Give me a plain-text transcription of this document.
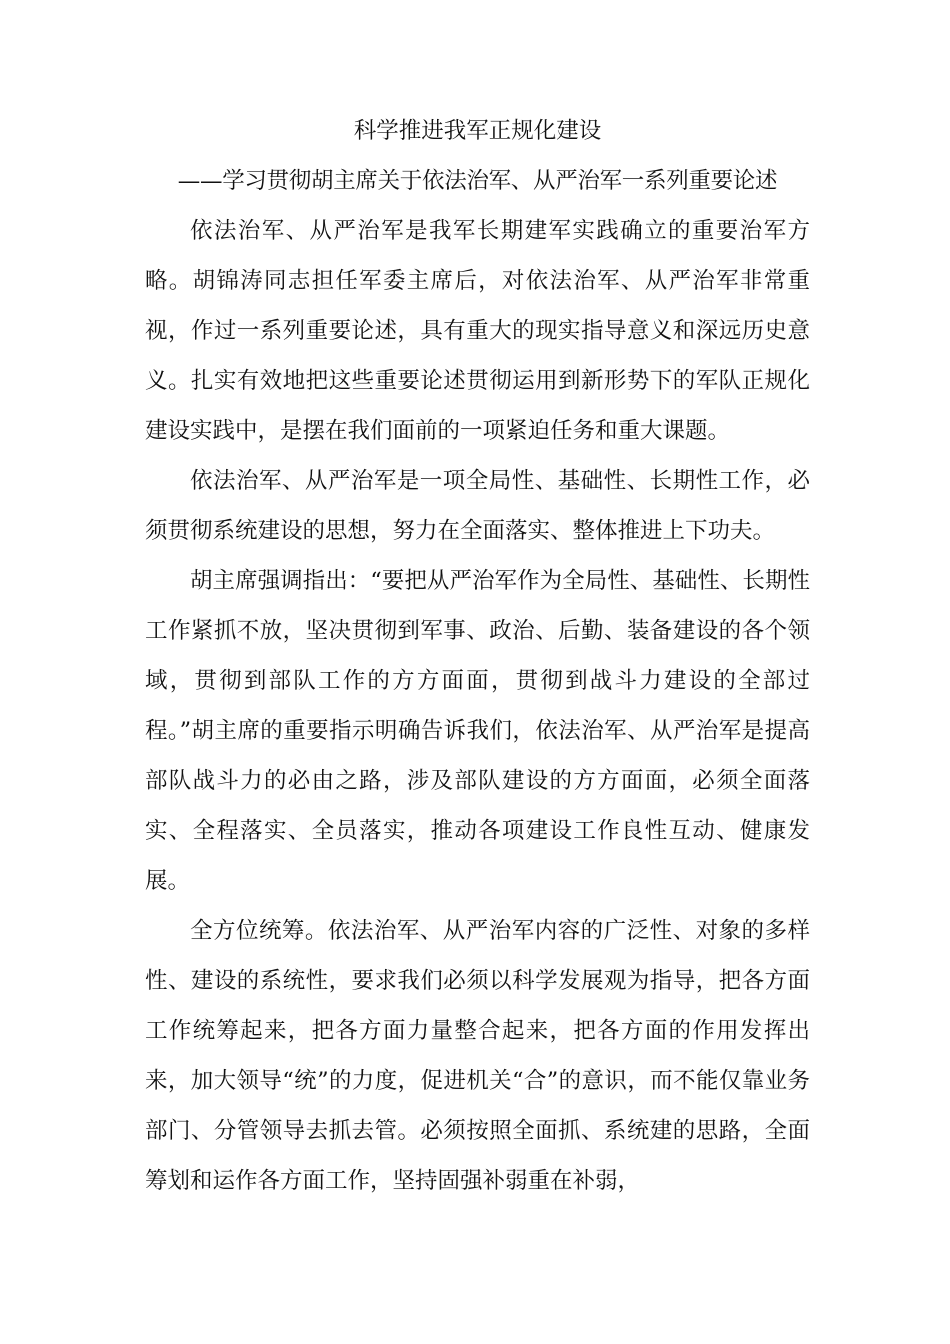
科学推进我军正规化建设
——学习贯彻胡主席关于依法治军、从严治军一系列重要论述

依法治军、从严治军是我军长期建军实践确立的重要治军方略。胡锦涛同志担任军委主席后，对依法治军、从严治军非常重视，作过一系列重要论述，具有重大的现实指导意义和深远历史意义。扎实有效地把这些重要论述贯彻运用到新形势下的军队正规化建设实践中，是摆在我们面前的一项紧迫任务和重大课题。

依法治军、从严治军是一项全局性、基础性、长期性工作，必须贯彻系统建设的思想，努力在全面落实、整体推进上下功夫。

胡主席强调指出：“要把从严治军作为全局性、基础性、长期性工作紧抓不放，坚决贯彻到军事、政治、后勤、装备建设的各个领域，贯彻到部队工作的方方面面，贯彻到战斗力建设的全部过程。”胡主席的重要指示明确告诉我们，依法治军、从严治军是提高部队战斗力的必由之路，涉及部队建设的方方面面，必须全面落实、全程落实、全员落实，推动各项建设工作良性互动、健康发展。

全方位统筹。依法治军、从严治军内容的广泛性、对象的多样性、建设的系统性，要求我们必须以科学发展观为指导，把各方面工作统筹起来，把各方面力量整合起来，把各方面的作用发挥出来，加大领导“统”的力度，促进机关“合”的意识，而不能仅靠业务部门、分管领导去抓去管。必须按照全面抓、系统建的思路，全面筹划和运作各方面工作，坚持固强补弱重在补弱，
